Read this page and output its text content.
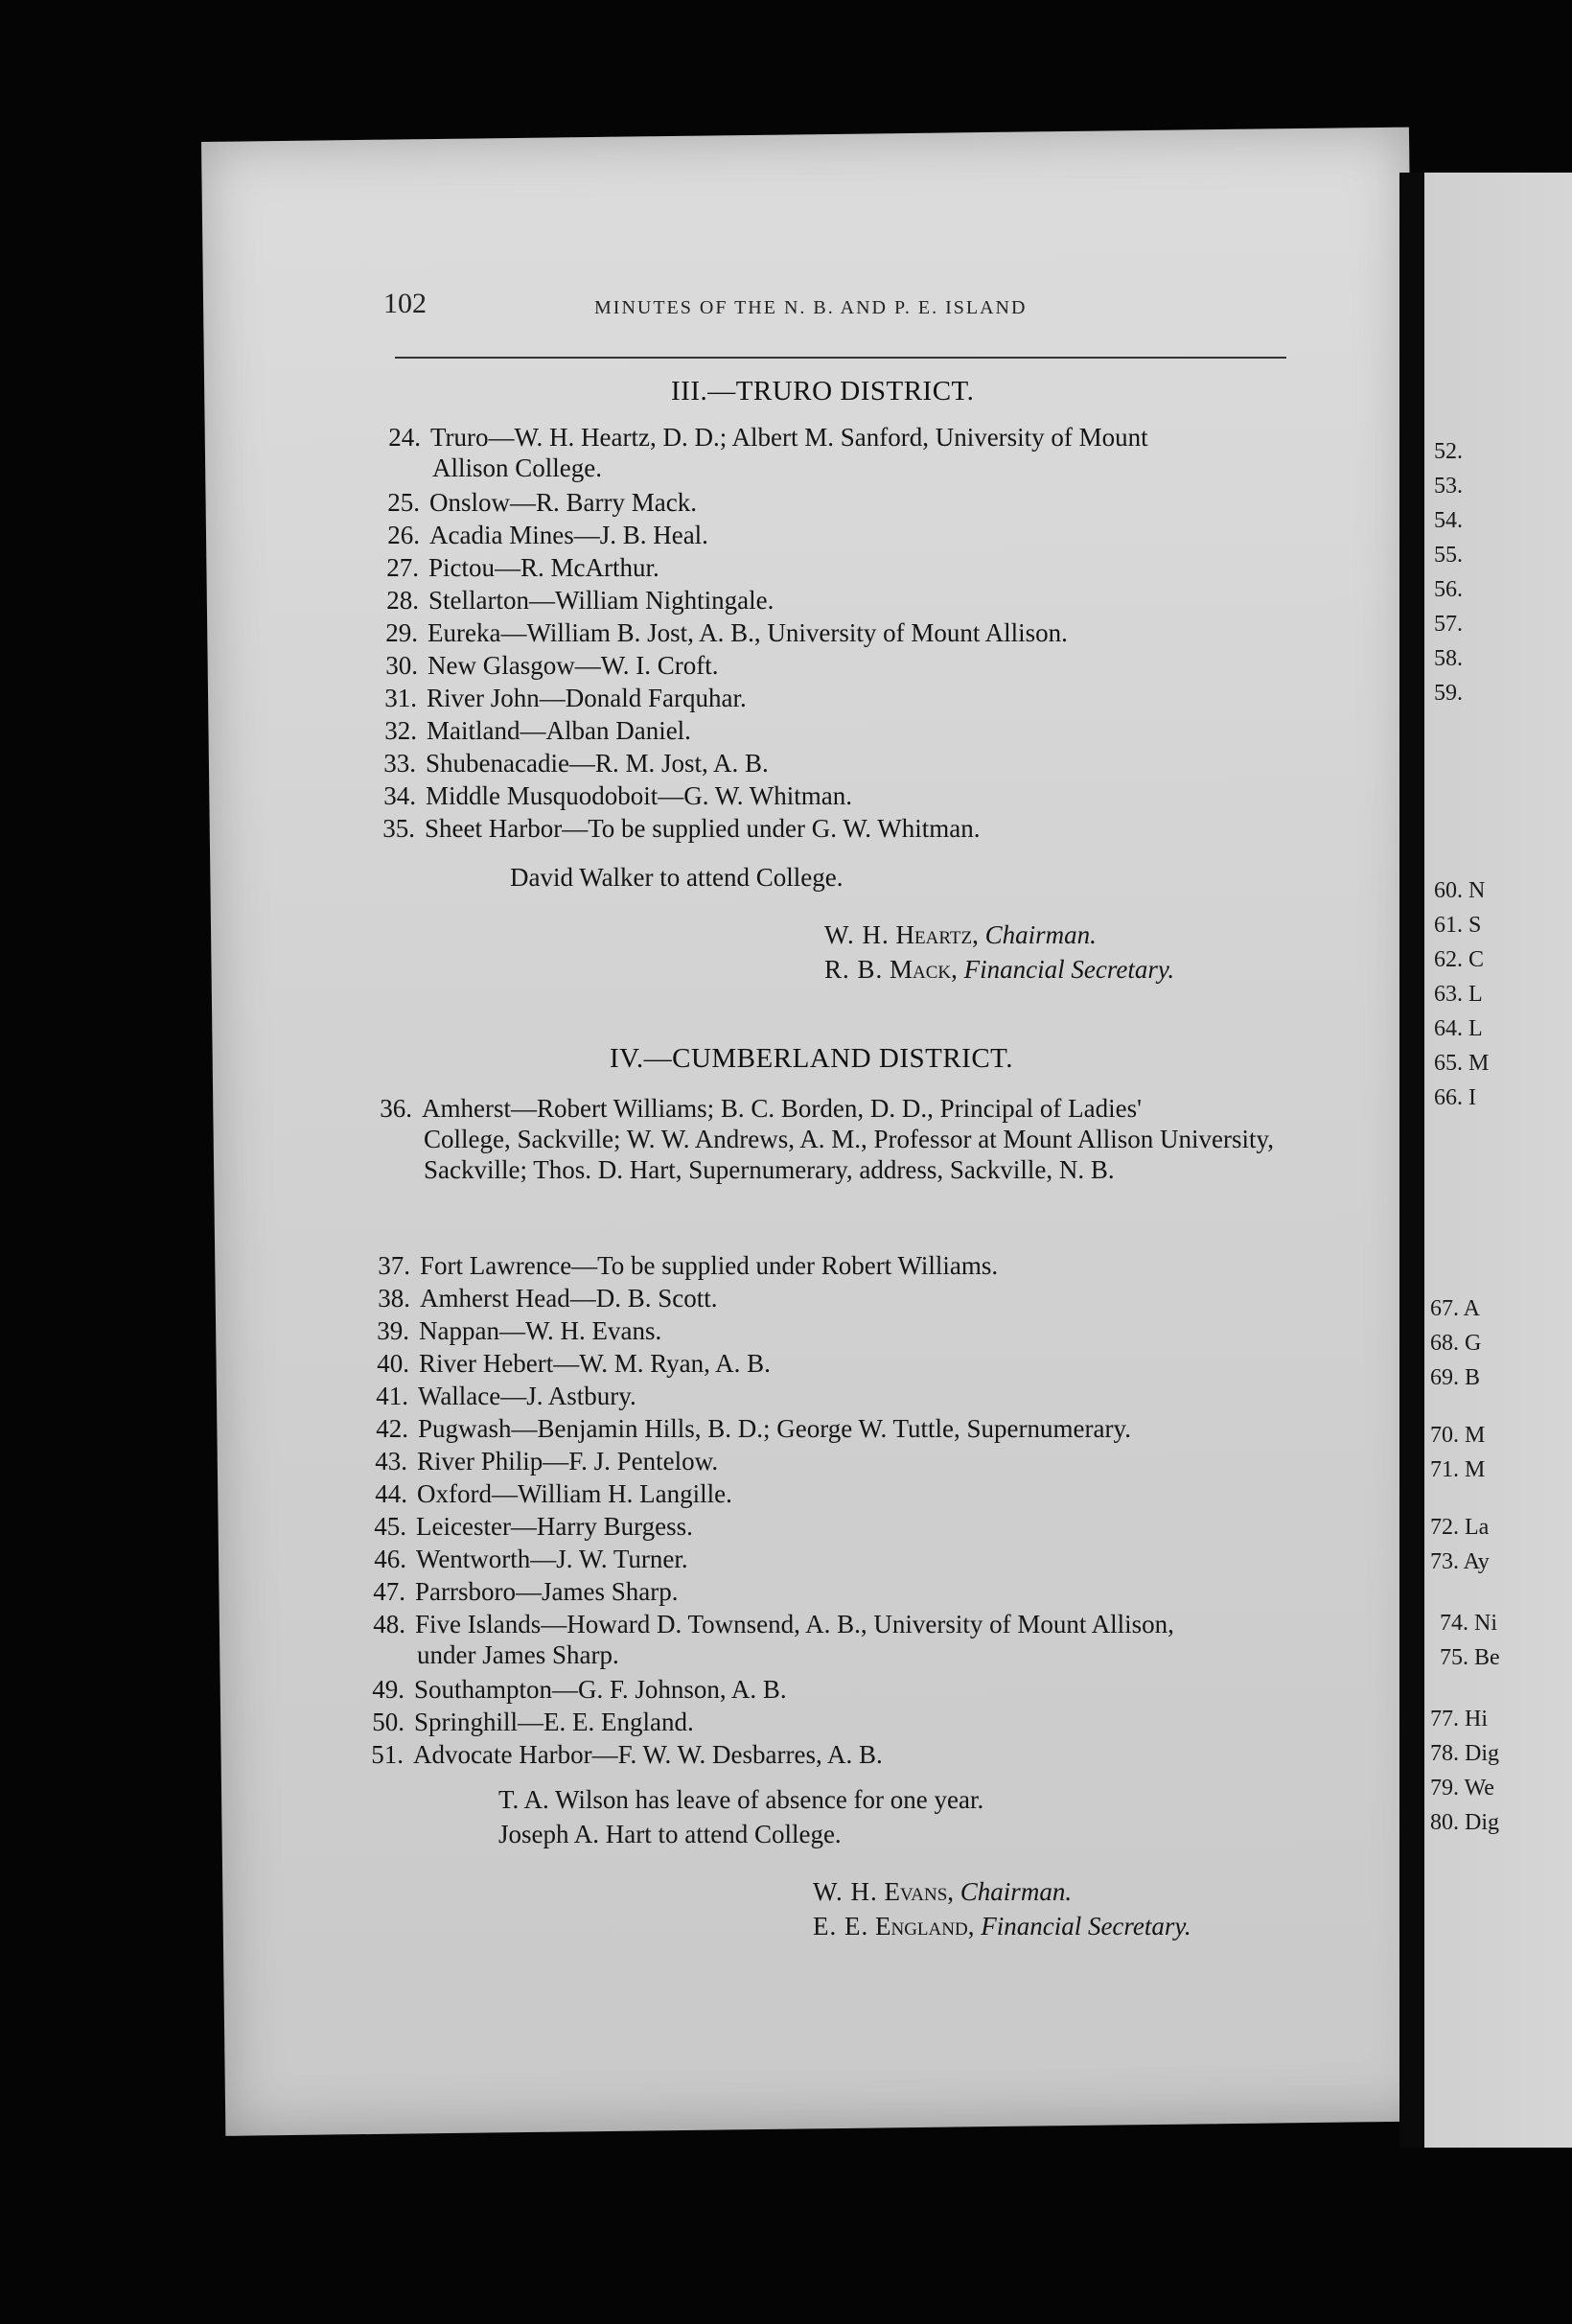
102	MINUTES OF THE N. B. AND P. E. ISLAND
III.—TRURO DISTRICT.
24. Truro—W. H. Heartz, D. D.; Albert M. Sanford, University of Mount
Allison College.
25. Onslow—R. Barry Mack.
26. Acadia Mines—J. B. Heal.
27. Pictou—R. McArthur.
28. Stellarton—William Nightingale.
29. Eureka—William B. Jost, A. B., University of Mount Allison.
30. New Glasgow—W. I. Croft.
31. River John—Donald Farquhar.
32. Maitland—Alban Daniel.
33. Shubenacadie—R. M. Jost, A. B.
34. Middle Musquodoboit—G. W. Whitman.
35. Sheet Harbor—To be supplied under G. W. Whitman.
David Walker to attend College.
W. H. Heartz, Chairman.
R. B. Mack, Financial Secretary.
IV.—CUMBERLAND DISTRICT.
36. Amherst—Robert Williams; B. C. Borden, D. D., Principal of Ladies'
College, Sackville; W. W. Andrews, A. M., Professor at Mount Allison University, Sackville; Thos. D. Hart, Supernumerary, address, Sackville, N. B.
37. Fort Lawrence—To be supplied under Robert Williams.
38. Amherst Head—D. B. Scott.
39. Nappan—W. H. Evans.
40. River Hebert—W. M. Ryan, A. B.
41. Wallace—J. Astbury.
42. Pugwash—Benjamin Hills, B. D.; George W. Tuttle, Supernumerary.
43. River Philip—F. J. Pentelow.
44. Oxford—William H. Langille.
45. Leicester—Harry Burgess.
46. Wentworth—J. W. Turner.
47. Parrsboro—James Sharp.
48. Five Islands—Howard D. Townsend, A. B., University of Mount Allison,
under James Sharp.
49. Southampton—G. F. Johnson, A. B.
50. Springhill—E. E. England.
51. Advocate Harbor—F. W. W. Desbarres, A. B.
T. A. Wilson has leave of absence for one year.
Joseph A. Hart to attend College.
W. H. Evans, Chairman.
E. E. England, Financial Secretary.
52.
53.
54.
55.
56.
57.
58.
59.
60. N
61. S
62. C
63. L
64. L
65. M
66. I
67. A
68. G
69. B
70. M
71. M
72. La
73. Ay
74. Ni
75. Be
77. Hi
78. Dig
79. We
80. Dig
